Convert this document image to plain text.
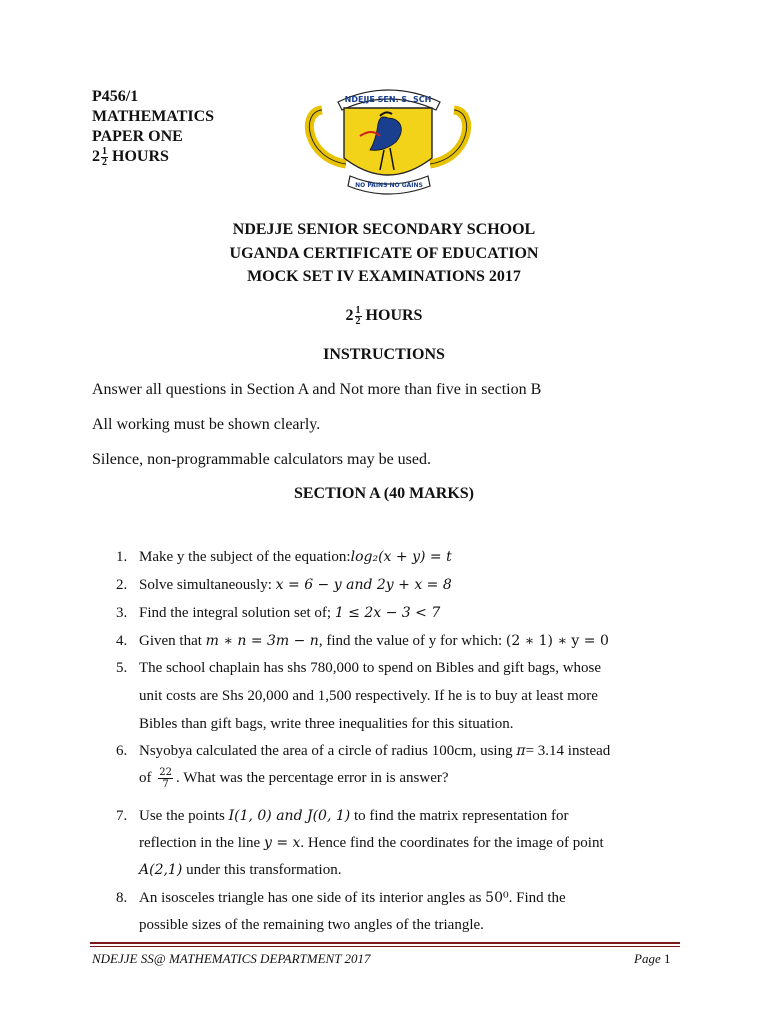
P456/1
MATHEMATICS
PAPER ONE
$2 \frac{1}{2}$ HOURS
NDEJJE SEN. S. SCH
NO PAINS NO GAINS
NDEJJE SENIOR SECONDARY SCHOOL
UGANDA CERTIFICATE OF EDUCATION
MOCK SET IV EXAMINATIONS 2017
$2 \frac{1}{2}$ HOURS
INSTRUCTIONS
Answer all questions in Section A and Not more than five in section B
All working must be shown clearly.
Silence, non-programmable calculators may be used.
SECTION A (40 MARKS)
1. Make y the subject of the equation:log₂(x + y) = t
2. Solve simultaneously: x = 6 − y and 2y + x = 8
3. Find the integral solution set of; 1 ≤ 2x − 3 < 7
4. Given that m ∗ n = 3m − n, find the value of y for which: (2 ∗ 1) ∗ y = 0
5. The school chaplain has shs 780,000 to spend on Bibles and gift bags, whose
unit costs are Shs 20,000 and 1,500 respectively. If he is to buy at least more
Bibles than gift bags, write three inequalities for this situation.
6. Nsyobya calculated the area of a circle of radius 100cm, using π= 3.14 instead
of $\frac{22}{7}$ . What was the percentage error in is answer?
7. Use the points I(1, 0) and J(0, 1) to find the matrix representation for
reflection in the line y = x. Hence find the coordinates for the image of point
A(2,1) under this transformation.
8. An isosceles triangle has one side of its interior angles as 50⁰. Find the
possible sizes of the remaining two angles of the triangle.
NDEJJE SS@ MATHEMATICS DEPARTMENT 2017	Page 1
